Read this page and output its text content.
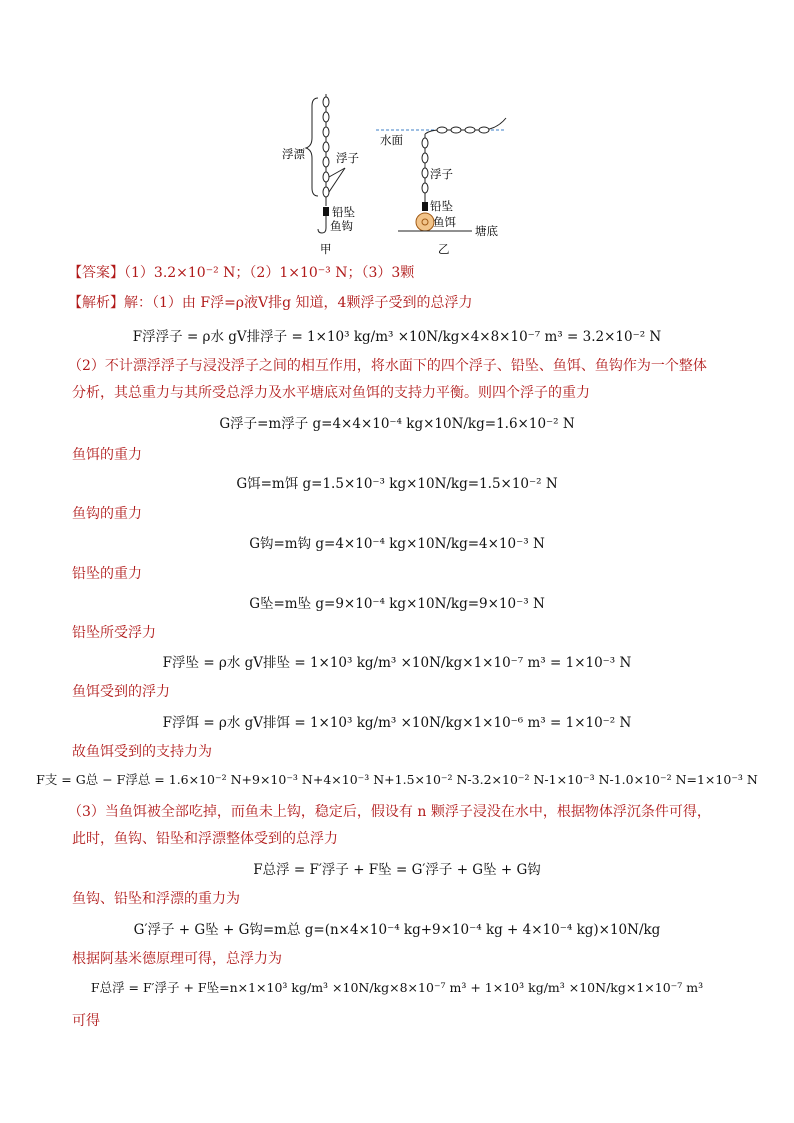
浮漂	浮子
铅坠
鱼钩
甲
水面
浮子
铅坠
鱼饵
塘底
乙
【答案】（1）3.2×10⁻² N；（2）1×10⁻³ N；（3）3颗
【解析】解：（1）由 F浮=ρ液V排g 知道，4颗浮子受到的总浮力
F浮浮子 = ρ水 gV排浮子 = 1×10³ kg/m³ ×10N/kg×4×8×10⁻⁷ m³ = 3.2×10⁻² N
（2）不计漂浮浮子与浸没浮子之间的相互作用，将水面下的四个浮子、铅坠、鱼饵、鱼钩作为一个整体
分析，其总重力与其所受总浮力及水平塘底对鱼饵的支持力平衡。则四个浮子的重力
G浮子=m浮子 g=4×4×10⁻⁴ kg×10N/kg=1.6×10⁻² N
鱼饵的重力
G饵=m饵 g=1.5×10⁻³ kg×10N/kg=1.5×10⁻² N
鱼钩的重力
G钩=m钩 g=4×10⁻⁴ kg×10N/kg=4×10⁻³ N
铅坠的重力
G坠=m坠 g=9×10⁻⁴ kg×10N/kg=9×10⁻³ N
铅坠所受浮力
F浮坠 = ρ水 gV排坠 = 1×10³ kg/m³ ×10N/kg×1×10⁻⁷ m³ = 1×10⁻³ N
鱼饵受到的浮力
F浮饵 = ρ水 gV排饵 = 1×10³ kg/m³ ×10N/kg×1×10⁻⁶ m³ = 1×10⁻² N
故鱼饵受到的支持力为
F支 = G总 − F浮总 = 1.6×10⁻² N+9×10⁻³ N+4×10⁻³ N+1.5×10⁻² N-3.2×10⁻² N-1×10⁻³ N-1.0×10⁻² N=1×10⁻³ N
（3）当鱼饵被全部吃掉，而鱼未上钩，稳定后，假设有 n 颗浮子浸没在水中，根据物体浮沉条件可得，
此时，鱼钩、铅坠和浮漂整体受到的总浮力
F总浮 = F′浮子 + F坠 = G′浮子 + G坠 + G钩
鱼钩、铅坠和浮漂的重力为
G′浮子 + G坠 + G钩=m总 g=(n×4×10⁻⁴ kg+9×10⁻⁴ kg + 4×10⁻⁴ kg)×10N/kg
根据阿基米德原理可得，总浮力为
F总浮 = F′浮子 + F坠=n×1×10³ kg/m³ ×10N/kg×8×10⁻⁷ m³ + 1×10³ kg/m³ ×10N/kg×1×10⁻⁷ m³
可得
